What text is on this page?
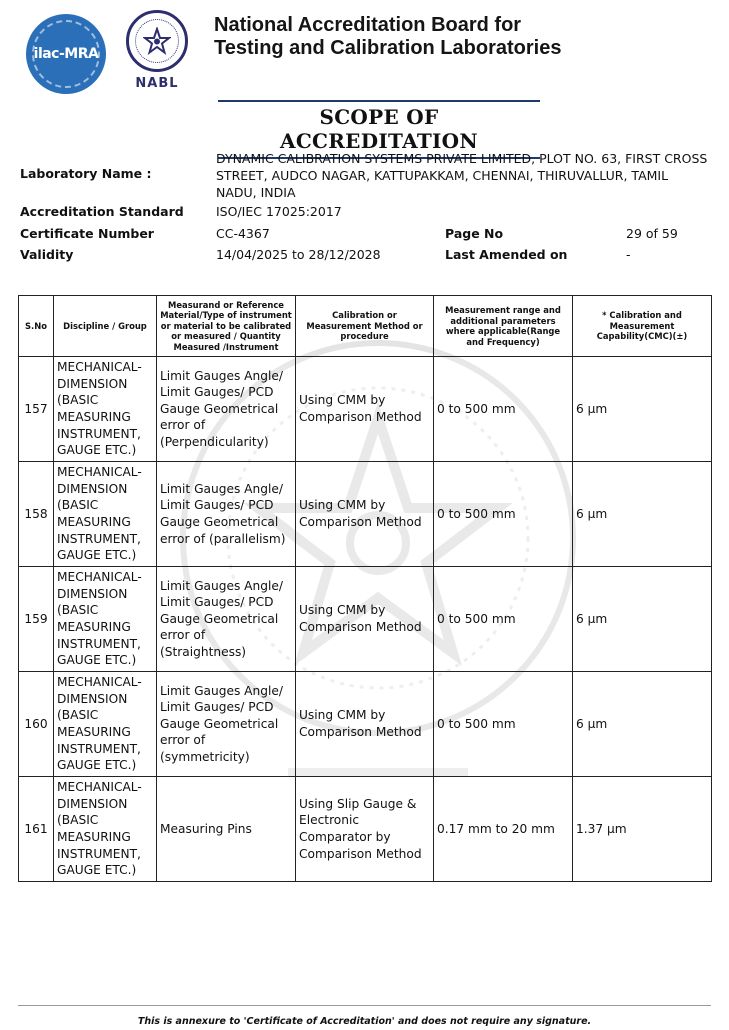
ilac-MRA
NABL
National Accreditation Board for
Testing and Calibration Laboratories
SCOPE OF ACCREDITATION
Laboratory Name :
DYNAMIC CALIBRATION SYSTEMS PRIVATE LIMITED, PLOT NO. 63, FIRST CROSS STREET, AUDCO NAGAR, KATTUPAKKAM, CHENNAI, THIRUVALLUR, TAMIL NADU, INDIA
Accreditation Standard	ISO/IEC 17025:2017
Certificate Number	CC-4367	Page No	29 of 59
Validity	14/04/2025 to 28/12/2028	Last Amended on	-
S.No	Discipline / Group	Measurand or Reference Material/Type of instrument or material to be calibrated or measured / Quantity Measured /Instrument	Calibration or Measurement Method or procedure	Measurement range and additional parameters where applicable(Range and Frequency)	* Calibration and Measurement Capability(CMC)(±)
157	MECHANICAL- DIMENSION (BASIC MEASURING INSTRUMENT, GAUGE ETC.)	Limit Gauges Angle/ Limit Gauges/ PCD Gauge Geometrical error of (Perpendicularity)	Using CMM by Comparison Method	0 to 500 mm	6 µm
158	MECHANICAL- DIMENSION (BASIC MEASURING INSTRUMENT, GAUGE ETC.)	Limit Gauges Angle/ Limit Gauges/ PCD Gauge Geometrical error of (parallelism)	Using CMM by Comparison Method	0 to 500 mm	6 µm
159	MECHANICAL- DIMENSION (BASIC MEASURING INSTRUMENT, GAUGE ETC.)	Limit Gauges Angle/ Limit Gauges/ PCD Gauge Geometrical error of (Straightness)	Using CMM by Comparison Method	0 to 500 mm	6 µm
160	MECHANICAL- DIMENSION (BASIC MEASURING INSTRUMENT, GAUGE ETC.)	Limit Gauges Angle/ Limit Gauges/ PCD Gauge Geometrical error of (symmetricity)	Using CMM by Comparison Method	0 to 500 mm	6 µm
161	MECHANICAL- DIMENSION (BASIC MEASURING INSTRUMENT, GAUGE ETC.)	Measuring Pins	Using Slip Gauge & Electronic Comparator by Comparison Method	0.17 mm to 20 mm	1.37 µm
This is annexure to 'Certificate of Accreditation' and does not require any signature.
